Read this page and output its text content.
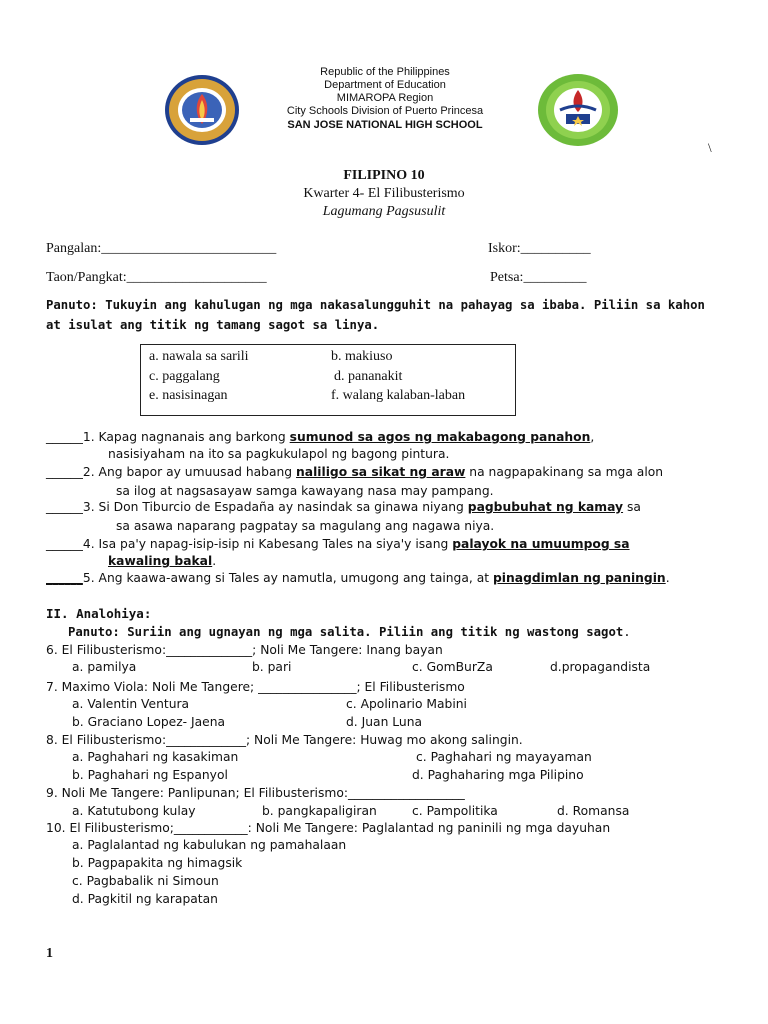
Republic of the Philippines
Department of Education
MIMAROPA Region
City Schools Division of Puerto Princesa
SAN JOSE NATIONAL HIGH SCHOOL
\
FILIPINO 10
Kwarter 4- El Filibusterismo
Lagumang Pagsusulit
Pangalan:_________________________	Iskor:__________
Taon/Pangkat:____________________	Petsa:_________
Panuto: Tukuyin ang kahulugan ng mga nakasalungguhit na pahayag sa ibaba. Piliin sa kahon
at isulat ang titik ng tamang sagot sa linya.
a. nawala sa sarili	b. makiuso
c. paggalang	d. pananakit
e. nasisinagan	f. walang kalaban-laban
______1. Kapag nagnanais ang barkong sumunod sa agos ng makabagong panahon,
nasisiyaham na ito sa pagkukulapol ng bagong pintura.
______2. Ang bapor ay umuusad habang naliligo sa sikat ng araw na nagpapakinang sa mga alon
sa ilog at nagsasayaw samga kawayang nasa may pampang.
______3. Si Don Tiburcio de Espadaña ay nasindak sa ginawa niyang pagbubuhat ng kamay sa
sa asawa naparang pagpatay sa magulang ang nagawa niya.
______4. Isa pa'y napag-isip-isip ni Kabesang Tales na siya'y isang palayok na umuumpog sa
kawaling bakal.
______5. Ang kaawa-awang si Tales ay namutla, umugong ang tainga, at pinagdimlan ng paningin.
II. Analohiya:
Panuto: Suriin ang ugnayan ng mga salita. Piliin ang titik ng wastong sagot.
6. El Filibusterismo:______________; Noli Me Tangere: Inang bayan
a. pamilya	b. pari	c. GomBurZa	d.propagandista
7. Maximo Viola: Noli Me Tangere; ________________; El Filibusterismo
a. Valentin Ventura	c. Apolinario Mabini
b. Graciano Lopez- Jaena	d. Juan Luna
8. El Filibusterismo:_____________; Noli Me Tangere: Huwag mo akong salingin.
a. Paghahari ng kasakiman	c. Paghahari ng mayayaman
b. Paghahari ng Espanyol	d. Paghaharing mga Pilipino
9. Noli Me Tangere: Panlipunan; El Filibusterismo:___________________
a. Katutubong kulay	b. pangkapaligiran	c. Pampolitika	d. Romansa
10. El Filibusterismo;____________: Noli Me Tangere: Paglalantad ng paninili ng mga dayuhan
a. Paglalantad ng kabulukan ng pamahalaan
b. Pagpapakita ng himagsik
c. Pagbabalik ni Simoun
d. Pagkitil ng karapatan
1
